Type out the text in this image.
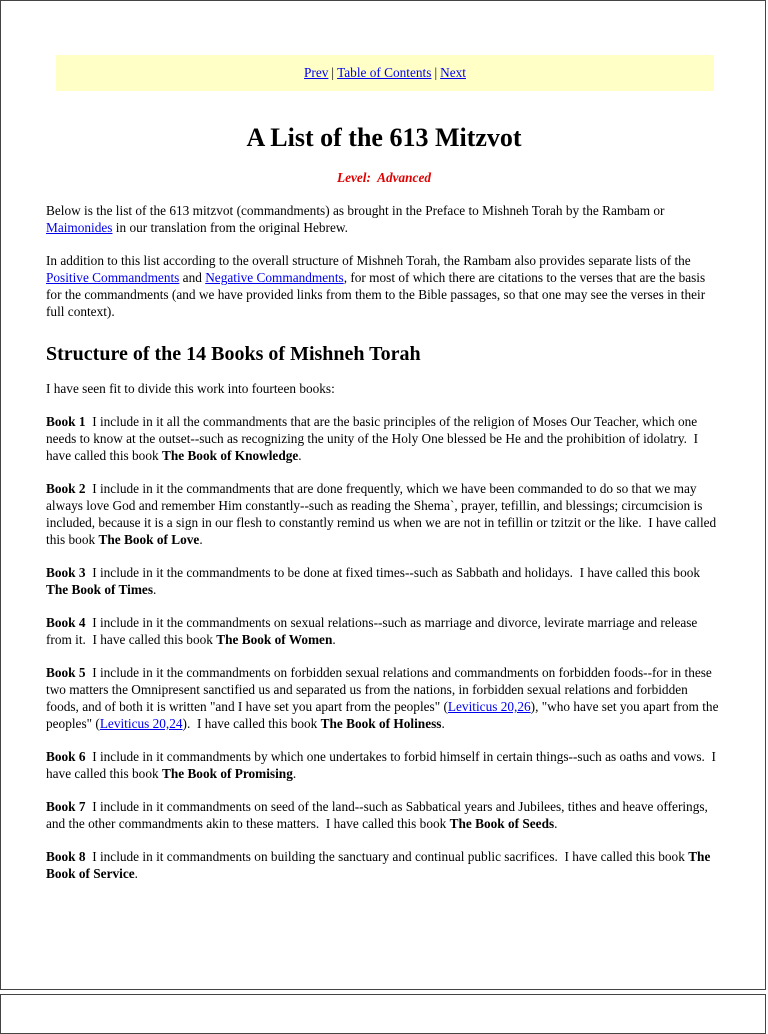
Prev | Table of Contents | Next
A List of the 613 Mitzvot
Level:  Advanced

Below is the list of the 613 mitzvot (commandments) as brought in the Preface to Mishneh Torah by the Rambam or Maimonides in our translation from the original Hebrew.

In addition to this list according to the overall structure of Mishneh Torah, the Rambam also provides separate lists of the Positive Commandments and Negative Commandments, for most of which there are citations to the verses that are the basis for the commandments (and we have provided links from them to the Bible passages, so that one may see the verses in their full context).

Structure of the 14 Books of Mishneh Torah

I have seen fit to divide this work into fourteen books:

Book 1  I include in it all the commandments that are the basic principles of the religion of Moses Our Teacher, which one needs to know at the outset--such as recognizing the unity of the Holy One blessed be He and the prohibition of idolatry.  I have called this book The Book of Knowledge.

Book 2  I include in it the commandments that are done frequently, which we have been commanded to do so that we may always love God and remember Him constantly--such as reading the Shema`, prayer, tefillin, and blessings; circumcision is included, because it is a sign in our flesh to constantly remind us when we are not in tefillin or tzitzit or the like.  I have called this book The Book of Love.

Book 3  I include in it the commandments to be done at fixed times--such as Sabbath and holidays.  I have called this book The Book of Times.

Book 4  I include in it the commandments on sexual relations--such as marriage and divorce, levirate marriage and release from it.  I have called this book The Book of Women.

Book 5  I include in it the commandments on forbidden sexual relations and commandments on forbidden foods--for in these two matters the Omnipresent sanctified us and separated us from the nations, in forbidden sexual relations and forbidden foods, and of both it is written "and I have set you apart from the peoples" (Leviticus 20,26), "who have set you apart from the peoples" (Leviticus 20,24).  I have called this book The Book of Holiness.

Book 6  I include in it commandments by which one undertakes to forbid himself in certain things--such as oaths and vows.  I have called this book The Book of Promising.

Book 7  I include in it commandments on seed of the land--such as Sabbatical years and Jubilees, tithes and heave offerings, and the other commandments akin to these matters.  I have called this book The Book of Seeds.

Book 8  I include in it commandments on building the sanctuary and continual public sacrifices.  I have called this book The Book of Service.
